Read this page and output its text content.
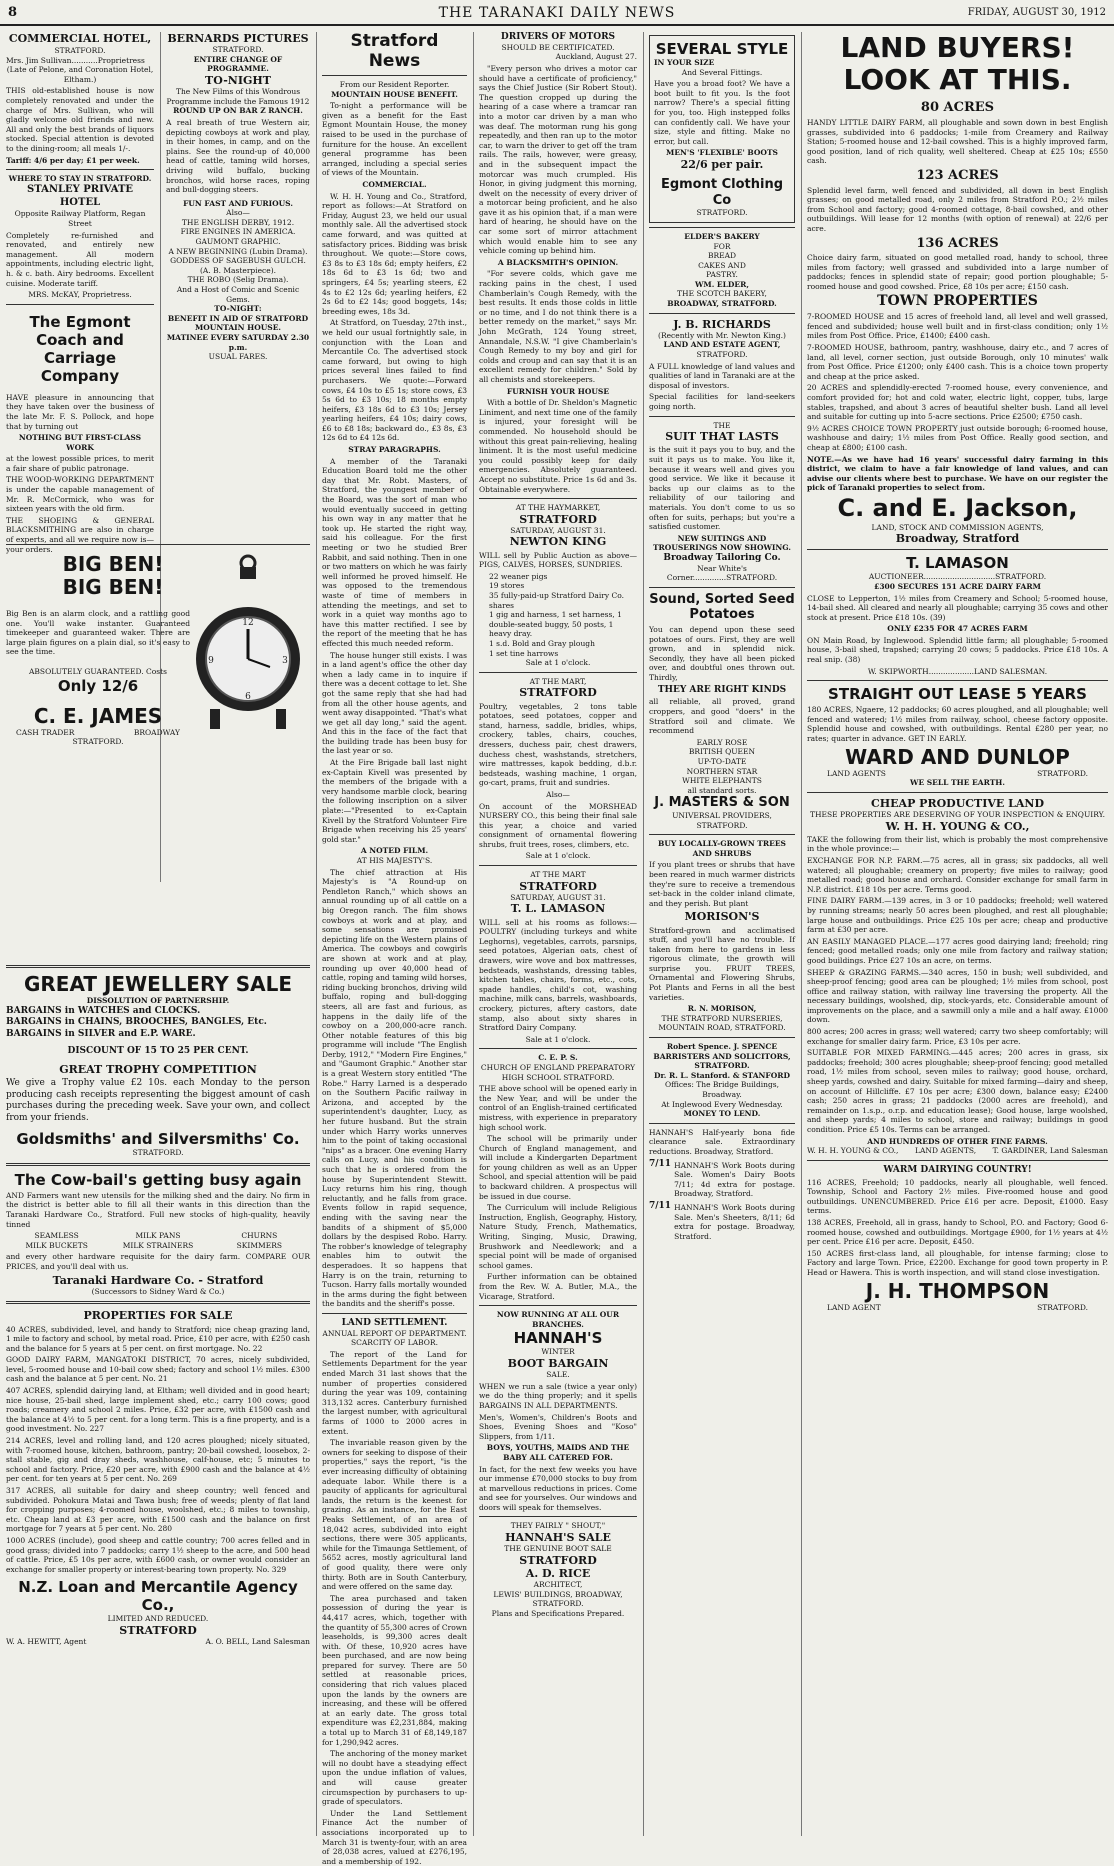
8	THE TARANAKI DAILY NEWS	FRIDAY, AUGUST 30, 1912
COMMERCIAL HOTEL,
STRATFORD.
Mrs. Jim Sullivan...........Proprietress
(Late of Pelone, and Coronation Hotel, Eltham.)
THIS old-established house is now completely renovated and under the charge of Mrs. Sullivan, who will gladly welcome old friends and new. All and only the best brands of liquors stocked. Special attention is devoted to the dining-room; all meals 1/-.
Tariff: 4/6 per day; £1 per week.
WHERE TO STAY IN STRATFORD.
STANLEY PRIVATE HOTEL
Opposite Railway Platform, Regan Street
Completely re-furnished and renovated, and entirely new management. All modern appointments, including electric light, h. & c. bath. Airy bedrooms. Excellent cuisine. Moderate tariff.
MRS. McKAY, Proprietress.
The Egmont Coach and Carriage Company
HAVE pleasure in announcing that they have taken over the business of the late Mr. F. S. Pollock, and hope that by turning out
NOTHING BUT FIRST-CLASS WORK
at the lowest possible prices, to merit a fair share of public patronage.
THE WOOD-WORKING DEPARTMENT is under the capable management of Mr. R. McCormick, who was for sixteen years with the old firm.
THE SHOEING & GENERAL BLACKSMITHING are also in charge of experts, and all we require now is—your orders.
BERNARDS PICTURES
STRATFORD.
ENTIRE CHANGE OF PROGRAMME.
TO-NIGHT
The New Films of this Wondrous Programme include the Famous 1912
ROUND UP ON BAR Z RANCH.
A real breath of true Western air, depicting cowboys at work and play, in their homes, in camp, and on the plains. See the round-up of 40,000 head of cattle, taming wild horses, driving wild buffalo, bucking bronchos, wild horse races, roping and bull-dogging steers.
FUN FAST AND FURIOUS.
Also—
THE ENGLISH DERBY, 1912.
FIRE ENGINES IN AMERICA.
GAUMONT GRAPHIC.
A NEW BEGINNING (Lubin Drama).
GODDESS OF SAGEBUSH GULCH.
(A. B. Masterpiece).
THE ROBO (Selig Drama).
And a Host of Comic and Scenic Gems.
TO-NIGHT:
BENEFIT IN AID OF STRATFORD MOUNTAIN HOUSE.
MATINEE EVERY SATURDAY 2.30 p.m.
USUAL FARES.
BIG BEN!
BIG BEN!
Big Ben is an alarm clock, and a rattling good one. You'll wake instanter. Guaranteed timekeeper and guaranteed waker. There are large plain figures on a plain dial, so it's easy to see the time.
ABSOLUTELY GUARANTEED. Costs
Only 12/6
C. E. JAMES
CASH TRADER	BROADWAY
STRATFORD.
12
3
6
9
GREAT JEWELLERY SALE
DISSOLUTION OF PARTNERSHIP.
BARGAINS in WATCHES and CLOCKS.
BARGAINS in CHAINS, BROOCHES, BANGLES, Etc.
BARGAINS in SILVER and E.P. WARE.
DISCOUNT OF 15 TO 25 PER CENT.
GREAT TROPHY COMPETITION
We give a Trophy value £2 10s. each Monday to the person producing cash receipts representing the biggest amount of cash purchases during the preceding week. Save your own, and collect from your friends.
Goldsmiths' and Silversmiths' Co.
STRATFORD.
The Cow-bail's getting busy again
AND Farmers want new utensils for the milking shed and the dairy. No firm in the district is better able to fill all their wants in this direction than the Taranaki Hardware Co., Stratford. Full new stocks of high-quality, heavily tinned
SEAMLESS	MILK PANS	CHURNS
MILK BUCKETS	MILK STRAINERS	SKIMMERS
and every other hardware requisite for the dairy farm. COMPARE OUR PRICES, and you'll deal with us.
Taranaki Hardware Co. - Stratford
(Successors to Sidney Ward & Co.)
PROPERTIES FOR SALE
40 ACRES, subdivided, level, and handy to Stratford; nice cheap grazing land, 1 mile to factory and school, by metal road. Price, £10 per acre, with £250 cash and the balance for 5 years at 5 per cent. on first mortgage. No. 22
GOOD DAIRY FARM, MANGATOKI DISTRICT, 70 acres, nicely subdivided, level, 5-roomed house and 10-bail cow shed; factory and school 1½ miles. £300 cash and the balance at 5 per cent. No. 21
407 ACRES, splendid dairying land, at Eltham; well divided and in good heart; nice house, 25-bail shed, large implement shed, etc.; carry 100 cows; good roads; creamery and school 2 miles. Price, £32 per acre, with £1500 cash and the balance at 4½ to 5 per cent. for a long term. This is a fine property, and is a good investment. No. 227
214 ACRES, level and rolling land, and 120 acres ploughed; nicely situated, with 7-roomed house, kitchen, bathroom, pantry; 20-bail cowshed, loosebox, 2-stall stable, gig and dray sheds, washhouse, calf-house, etc; 5 minutes to school and factory. Price, £20 per acre, with £900 cash and the balance at 4½ per cent. for ten years at 5 per cent. No. 269
317 ACRES, all suitable for dairy and sheep country; well fenced and subdivided. Pohokura Matai and Tawa bush; free of weeds; plenty of flat land for cropping purposes; 4-roomed house, woolshed, etc.; 8 miles to township, etc. Cheap land at £3 per acre, with £1500 cash and the balance on first mortgage for 7 years at 5 per cent. No. 280
1000 ACRES (include), good sheep and cattle country; 700 acres felled and in good grass; divided into 7 paddocks; carry 1½ sheep to the acre, and 500 head of cattle. Price, £5 10s per acre, with £600 cash, or owner would consider an exchange for smaller property or interest-bearing town property. No. 329
N.Z. Loan and Mercantile Agency Co.,
LIMITED AND REDUCED.
STRATFORD
W. A. HEWITT, Agent	A. O. BELL, Land Salesman
Stratford News
From our Resident Reporter.
MOUNTAIN HOUSE BENEFIT.
To-night a performance will be given as a benefit for the East Egmont Mountain House, the money raised to be used in the purchase of furniture for the house. An excellent general programme has been arranged, including a special series of views of the Mountain.
COMMERCIAL.
W. H. H. Young and Co., Stratford, report as follows:—At Stratford on Friday, August 23, we held our usual monthly sale. All the advertised stock came forward, and was quitted at satisfactory prices. Bidding was brisk throughout. We quote:—Store cows, £3 8s to £3 18s 6d; empty heifers, £2 18s 6d to £3 1s 6d; two and springers, £4 5s; yearling steers, £2 4s to £2 12s 6d; yearling heifers, £2 2s 6d to £2 14s; good boggets, 14s; breeding ewes, 18s 3d.
At Stratford, on Tuesday, 27th inst., we held our usual fortnightly sale, in conjunction with the Loan and Mercantile Co. The advertised stock came forward, but owing to high prices several lines failed to find purchasers. We quote:—Forward cows, £4 10s to £5 1s; store cows, £3 5s 6d to £3 10s; 18 months empty heifers, £3 18s 6d to £3 10s; Jersey yearling heifers, £4 10s; dairy cows, £6 to £8 18s; backward do., £3 8s, £3 12s 6d to £4 12s 6d.
STRAY PARAGRAPHS.
A member of the Taranaki Education Board told me the other day that Mr. Robt. Masters, of Stratford, the youngest member of the Board, was the sort of man who would eventually succeed in getting his own way in any matter that he took up. He started the right way, said his colleague. For the first meeting or two he studied Brer Rabbit, and said nothing. Then in one or two matters on which he was fairly well informed he proved himself. He was opposed to the tremendous waste of time of members in attending the meetings, and set to work in a quiet way months ago to have this matter rectified. I see by the report of the meeting that he has effected this much needed reform.
The house hunger still exists. I was in a land agent's office the other day when a lady came in to inquire if there was a decent cottage to let. She got the same reply that she had had from all the other house agents, and went away disappointed. "That's what we get all day long," said the agent. And this in the face of the fact that the building trade has been busy for the last year or so.
At the Fire Brigade ball last night ex-Captain Kivell was presented by the members of the brigade with a very handsome marble clock, bearing the following inscription on a silver plate:—"Presented to ex-Captain Kivell by the Stratford Volunteer Fire Brigade when receiving his 25 years' gold star."
A NOTED FILM.
AT HIS MAJESTY'S.
The chief attraction at His Majesty's is "A Round-up on Pendleton Ranch," which shows an annual rounding up of all cattle on a big Oregon ranch. The film shows cowboys at work and at play, and some sensations are promised depicting life on the Western plains of America. The cowboys and cowgirls are shown at work and at play, rounding up over 40,000 head of cattle, roping and taming wild horses, riding bucking bronchos, driving wild buffalo, roping and bull-dogging steers, all are fast and furious, as happens in the daily life of the cowboy on a 200,000-acre ranch. Other notable features of this big programme will include "The English Derby, 1912," "Modern Fire Engines," and "Gaumont Graphic." Another star is a great Western story entitled "The Robe." Harry Larned is a desperado on the Southern Pacific railway in Arizona, and accepted by the superintendent's daughter, Lucy, as her future husband. But the strain under which Harry works unnerves him to the point of taking occasional "nips" as a bracer. One evening Harry calls on Lucy, and his condition is such that he is ordered from the house by Superintendent Stewitt. Lucy returns him his ring, though reluctantly, and he falls from grace. Events follow in rapid sequence, ending with the saving near the bandits of a shipment of $5,000 dollars by the despised Robo. Harry. The robber's knowledge of telegraphy enables him to outwit the desperadoes. It so happens that Harry is on the train, returning to Tucson. Harry falls mortally wounded in the arms during the fight between the bandits and the sheriff's posse.
LAND SETTLEMENT.
ANNUAL REPORT OF DEPARTMENT.
SCARCITY OF LABOR.
The report of the Land for Settlements Department for the year ended March 31 last shows that the number of properties considered during the year was 109, containing 313,132 acres. Canterbury furnished the largest number, with agricultural farms of 1000 to 2000 acres in extent.
The invariable reason given by the owners for seeking to dispose of their properties," says the report, "is the ever increasing difficulty of obtaining adequate labor. While there is a paucity of applicants for agricultural lands, the return is the keenest for grazing. As an instance, for the East Peaks Settlement, of an area of 18,042 acres, subdivided into eight sections, there were 305 applicants, while for the Timaunga Settlement, of 5652 acres, mostly agricultural land of good quality, there were only thirty. Both are in South Canterbury, and were offered on the same day.
The area purchased and taken possession of during the year is 44,417 acres, which, together with the quantity of 55,300 acres of Crown leaseholds, is 99,300 acres dealt with. Of these, 10,920 acres have been purchased, and are now being prepared for survey. There are 50 settled at reasonable prices, considering that rich values placed upon the lands by the owners are increasing, and these will be offered at an early date. The gross total expenditure was £2,231,884, making a total up to March 31 of £8,149,187 for 1,290,942 acres.
The anchoring of the money market will no doubt have a steadying effect upon the undue inflation of values, and will cause greater circumspection by purchasers to up-grade of speculators.
Under the Land Settlement Finance Act the number of associations incorporated up to March 31 is twenty-four, with an area of 28,038 acres, valued at £276,195, and a membership of 192.
DRIVERS OF MOTORS
SHOULD BE CERTIFICATED.
Auckland, August 27.
"Every person who drives a motor car should have a certificate of proficiency," says the Chief Justice (Sir Robert Stout). The question cropped up during the hearing of a case where a tramcar ran into a motor car driven by a man who was deaf. The motorman rung his gong repeatedly, and then ran up to the motor car, to warn the driver to get off the tram rails. The rails, however, were greasy, and in the subsequent impact the motorcar was much crumpled. His Honor, in giving judgment this morning, dwelt on the necessity of every driver of a motorcar being proficient, and he also gave it as his opinion that, if a man were hard of hearing, he should have on the car some sort of mirror attachment which would enable him to see any vehicle coming up behind him.
A BLACKSMITH'S OPINION.
"For severe colds, which gave me racking pains in the chest, I used Chamberlain's Cough Remedy, with the best results. It ends those colds in little or no time, and I do not think there is a better remedy on the market," says Mr. John McGrath, 124 Young street, Annandale, N.S.W. "I give Chamberlain's Cough Remedy to my boy and girl for colds and croup and can say that it is an excellent remedy for children." Sold by all chemists and storekeepers.
FURNISH YOUR HOUSE
With a bottle of Dr. Sheldon's Magnetic Liniment, and next time one of the family is injured, your foresight will be commended. No household should be without this great pain-relieving, healing liniment. It is the most useful medicine you could possibly keep for daily emergencies. Absolutely guaranteed. Accept no substitute. Price 1s 6d and 3s. Obtainable everywhere.
AT THE HAYMARKET,
STRATFORD
SATURDAY, AUGUST 31.
NEWTON KING
WILL sell by Public Auction as above—PIGS, CALVES, HORSES, SUNDRIES.
22 weaner pigs
19 stores
35 fully-paid-up Stratford Dairy Co. shares
1 gig and harness, 1 set harness, 1 double-seated buggy, 50 posts, 1 heavy dray.
1 s.d. Bold and Gray plough
1 set tine harrows
Sale at 1 o'clock.
AT THE MART,
STRATFORD
Poultry, vegetables, 2 tons table potatoes, seed potatoes, copper and stand, harness, saddle, bridles, whips, crockery, tables, chairs, couches, dressers, duchess pair, chest drawers, duchess chest, washstands, stretchers, wire mattresses, kapok bedding, d.b.r. bedsteads, washing machine, 1 organ, go-cart, prams, fruit and sundries.
Also—
On account of the MORSHEAD NURSERY CO., this being their final sale this year, a choice and varied consignment of ornamental flowering shrubs, fruit trees, roses, climbers, etc.
Sale at 1 o'clock.
AT THE MART
STRATFORD
SATURDAY, AUGUST 31.
T. L. LAMASON
WILL sell at his rooms as follows:—POULTRY (including turkeys and white Leghorns), vegetables, carrots, parsnips, seed potatoes, Algerian oats, chest of drawers, wire wove and box mattresses, bedsteads, washstands, dressing tables, kitchen tables, chairs, forms, etc., cots, spade handles, child's cot, washing machine, milk cans, barrels, washboards, crockery, pictures, aftery castors, date stamp, also about sixty shares in Stratford Dairy Company.
Sale at 1 o'clock.
C. E. P. S.
CHURCH OF ENGLAND PREPARATORY HIGH SCHOOL STRATFORD.
THE above school will be opened early in the New Year, and will be under the control of an English-trained certificated mistress, with experience in preparatory high school work.
The school will be primarily under Church of England management, and will include a Kindergarten Department for young children as well as an Upper School, and special attention will be paid to backward children. A prospectus will be issued in due course.
The Curriculum will include Religious Instruction, English, Geography, History, Nature Study, French, Mathematics, Writing, Singing, Music, Drawing, Brushwork and Needlework; and a special point will be made of organised school games.
Further information can be obtained from the Rev. W. A. Butler, M.A., the Vicarage, Stratford.
NOW RUNNING AT ALL OUR BRANCHES.
HANNAH'S
WINTER
BOOT BARGAIN
SALE.
WHEN we run a sale (twice a year only) we do the thing properly; and it spells BARGAINS IN ALL DEPARTMENTS.
Men's, Women's, Children's Boots and Shoes, Evening Shoes and "Koso" Slippers, from 1/11.
BOYS, YOUTHS, MAIDS AND THE BABY ALL CATERED FOR.
In fact, for the next few weeks you have our immense £70,000 stocks to buy from at marvellous reductions in prices. Come and see for yourselves. Our windows and doors will speak for themselves.
THEY FAIRLY " SHOUT,"
HANNAH'S SALE
THE GENUINE BOOT SALE
STRATFORD
A. D. RICE
ARCHITECT,
LEWIS' BUILDINGS, BROADWAY,
STRATFORD.
Plans and Specifications Prepared.
SEVERAL STYLE
IN YOUR SIZE
And Several Fittings.
Have you a broad foot? We have a boot built to fit you. Is the foot narrow? There's a special fitting for you, too. High instepped folks can confidently call. We have your size, style and fitting. Make no error, but call.
MEN'S 'FLEXIBLE' BOOTS
22/6 per pair.
Egmont Clothing Co
STRATFORD.
ELDER'S BAKERY
FOR
BREAD
CAKES AND
PASTRY.
WM. ELDER,
THE SCOTCH BAKERY,
BROADWAY, STRATFORD.
J. B. RICHARDS
(Recently with Mr. Newton King.)
LAND AND ESTATE AGENT,
STRATFORD.
A FULL knowledge of land values and qualities of land in Taranaki are at the disposal of investors.
Special facilities for land-seekers going north.
THE
SUIT THAT LASTS
is the suit it pays you to buy, and the suit it pays us to make. You like it, because it wears well and gives you good service. We like it because it backs up our claims as to the reliability of our tailoring and materials. You don't come to us so often for suits, perhaps; but you're a satisfied customer.
NEW SUITINGS AND TROUSERINGS NOW SHOWING.
Broadway Tailoring Co.
Near White's Corner..............STRATFORD.
Sound, Sorted Seed Potatoes
You can depend upon these seed potatoes of ours. First, they are well grown, and in splendid nick. Secondly, they have all been picked over, and doubtful ones thrown out. Thirdly,
THEY ARE RIGHT KINDS
all reliable, all proved, grand croppers, and good "doers" in the Stratford soil and climate. We recommend
EARLY ROSE
BRITISH QUEEN
UP-TO-DATE
NORTHERN STAR
WHITE ELEPHANTS
all standard sorts.
J. MASTERS & SON
UNIVERSAL PROVIDERS,
STRATFORD.
BUY LOCALLY-GROWN TREES AND SHRUBS
If you plant trees or shrubs that have been reared in much warmer districts they're sure to receive a tremendous set-back in the colder inland climate, and they perish. But plant
MORISON'S
Stratford-grown and acclimatised stuff, and you'll have no trouble. If taken from here to gardens in less rigorous climate, the growth will surprise you. FRUIT TREES, Ornamental and Flowering Shrubs, Pot Plants and Ferns in all the best varieties.
R. N. MORISON,
THE STRATFORD NURSERIES,
MOUNTAIN ROAD, STRATFORD.
Robert Spence. J. SPENCE BARRISTERS AND SOLICITORS, STRATFORD.
Dr. R. L. Stanford. & STANFORD
Offices: The Bridge Buildings, Broadway.
At Inglewood Every Wednesday.
MONEY TO LEND.
HANNAH'S Half-yearly bona fide clearance sale. Extraordinary reductions. Broadway, Stratford.
7/11 HANNAH'S Work Boots during Sale. Women's Dairy Boots 7/11; 4d extra for postage. Broadway, Stratford.
7/11 HANNAH'S Work Boots during Sale. Men's Sheeters, 8/11; 6d extra for postage. Broadway, Stratford.
LAND BUYERS!
LOOK AT THIS.
80 ACRES
HANDY LITTLE DAIRY FARM, all ploughable and sown down in best English grasses, subdivided into 6 paddocks; 1-mile from Creamery and Railway Station; 5-roomed house and 12-bail cowshed. This is a highly improved farm, good position, land of rich quality, well sheltered. Cheap at £25 10s; £550 cash.
123 ACRES
Splendid level farm, well fenced and subdivided, all down in best English grasses; on good metalled road, only 2 miles from Stratford P.O.; 2½ miles from School and factory; good 4-roomed cottage, 8-bail cowshed, and other outbuildings. Will lease for 12 months (with option of renewal) at 22/6 per acre.
136 ACRES
Choice dairy farm, situated on good metalled road, handy to school, three miles from factory; well grassed and subdivided into a large number of paddocks; fences in splendid state of repair; good portion ploughable; 5-roomed house and good cowshed. Price, £8 10s per acre; £150 cash.
TOWN PROPERTIES
7-ROOMED HOUSE and 15 acres of freehold land, all level and well grassed, fenced and subdivided; house well built and in first-class condition; only 1½ miles from Post Office. Price, £1400; £400 cash.
7-ROOMED HOUSE, bathroom, pantry, washhouse, dairy etc., and 7 acres of land, all level, corner section, just outside Borough, only 10 minutes' walk from Post Office. Price £1200; only £400 cash. This is a choice town property and cheap at the price asked.
20 ACRES and splendidly-erected 7-roomed house, every convenience, and comfort provided for; hot and cold water, electric light, copper, tubs, large stables, trapshed, and about 3 acres of beautiful shelter bush. Land all level and suitable for cutting up into 5-acre sections. Price £2500; £750 cash.
9½ ACRES CHOICE TOWN PROPERTY just outside borough; 6-roomed house, washhouse and dairy; 1½ miles from Post Office. Really good section, and cheap at £800; £100 cash.
NOTE.—As we have had 16 years' successful dairy farming in this district, we claim to have a fair knowledge of land values, and can advise our clients where best to purchase. We have on our register the pick of Taranaki properties to select from.
C. and E. Jackson,
LAND, STOCK AND COMMISSION AGENTS,
Broadway, Stratford
T. LAMASON
AUCTIONEER..............................STRATFORD.
£300 SECURES 151 ACRE DAIRY FARM
CLOSE to Lepperton, 1½ miles from Creamery and School; 5-roomed house, 14-bail shed. All cleared and nearly all ploughable; carrying 35 cows and other stock at present. Price £18 10s. (39)
ONLY £235 FOR 47 ACRES FARM
ON Main Road, by Inglewood. Splendid little farm; all ploughable; 5-roomed house, 3-bail shed, trapshed; carrying 20 cows; 5 paddocks. Price £18 10s. A real snip. (38)
W. SKIPWORTH...................LAND SALESMAN.
STRAIGHT OUT LEASE 5 YEARS
180 ACRES, Ngaere, 12 paddocks; 60 acres ploughed, and all ploughable; well fenced and watered; 1½ miles from railway, school, cheese factory opposite. Splendid house and cowshed, with outbuildings. Rental £280 per year, no rates; quarter in advance. GET IN EARLY.
WARD AND DUNLOP
LAND AGENTS	STRATFORD.
WE SELL THE EARTH.
CHEAP PRODUCTIVE LAND
THESE PROPERTIES ARE DESERVING OF YOUR INSPECTION & ENQUIRY.
W. H. H. YOUNG & CO.,
TAKE the following from their list, which is probably the most comprehensive in the whole province:—
EXCHANGE FOR N.P. FARM.—75 acres, all in grass; six paddocks, all well watered; all ploughable; creamery on property; five miles to railway; good metalled road; good house and orchard. Consider exchange for small farm in N.P. district. £18 10s per acre. Terms good.
FINE DAIRY FARM.—139 acres, in 3 or 10 paddocks; freehold; well watered by running streams; nearly 50 acres been ploughed, and rest all ploughable; large house and outbuildings. Price £25 10s per acre; cheap and productive farm at £30 per acre.
AN EASILY MANAGED PLACE.—177 acres good dairying land; freehold; ring fenced; good metalled roads; only one mile from factory and railway station; good buildings. Price £27 10s an acre, on terms.
SHEEP & GRAZING FARMS.—340 acres, 150 in bush; well subdivided, and sheep-proof fencing; good area can be ploughed; 1½ miles from school, post office and railway station, with railway line traversing the property. All the necessary buildings, woolshed, dip, stock-yards, etc. Considerable amount of improvements on the place, and a sawmill only a mile and a half away. £1000 down.
800 acres; 200 acres in grass; well watered; carry two sheep comfortably; will exchange for smaller dairy farm. Price, £3 10s per acre.
SUITABLE FOR MIXED FARMING.—445 acres; 200 acres in grass, six paddocks; freehold; 300 acres ploughable; sheep-proof fencing; good metalled road, 1½ miles from school, seven miles to railway; good house, orchard, sheep yards, cowshed and dairy. Suitable for mixed farming—dairy and sheep, on account of Hillcliffe. £7 10s per acre; £300 down, balance easy; £2400 cash; 250 acres in grass; 21 paddocks (2000 acres are freehold), and remainder on 1.s.p., o.r.p. and education lease); Good house, large woolshed, and sheep yards; 4 miles to school, store and railway; buildings in good condition. Price £5 10s. Terms can be arranged.
AND HUNDREDS OF OTHER FINE FARMS.
W. H. H. YOUNG & CO., LAND AGENTS, T. GARDINER, Land Salesman
WARM DAIRYING COUNTRY!
116 ACRES, Freehold; 10 paddocks, nearly all ploughable, well fenced. Township, School and Factory 2½ miles. Five-roomed house and good outbuildings. UNENCUMBERED. Price £16 per acre. Deposit, £1000. Easy terms.
138 ACRES, Freehold, all in grass, handy to School, P.O. and Factory; Good 6-roomed house, cowshed and outbuildings. Mortgage £900, for 1½ years at 4½ per cent. Price £16 per acre. Deposit, £450.
150 ACRES first-class land, all ploughable, for intense farming; close to Factory and large Town. Price, £2200. Exchange for good town property in P. Head or Hawera. This is worth inspection, and will stand close investigation.
J. H. THOMPSON
LAND AGENT	STRATFORD.
